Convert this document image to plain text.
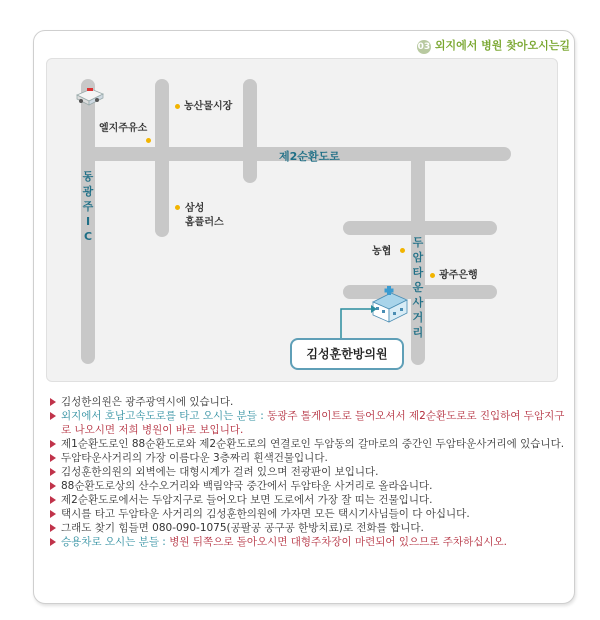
03 외지에서 병원 찾아오시는길
농산물시장
엘지주유소
삼성
홈플러스
농협
광주은행
제2순환도로
동광주IC	두암타운사거리
김성훈한방의원
김성한의원은 광주광역시에 있습니다.
외지에서 호남고속도로를 타고 오시는 분들 : 동광주 톨게이트로 들어오셔서 제2순환도로로 진입하여 두암지구로 나오시면 저희 병원이 바로 보입니다.
제1순환도로인 88순환도로와 제2순환도로의 연결로인 두암동의 갈마로의 중간인 두암타운사거리에 있습니다.
두암타운사거리의 가장 이름다운 3층짜리 흰색건물입니다.
김성훈한의원의 외벽에는 대형시계가 걸려 있으며 전광판이 보입니다.
88순환도로상의 산수오거리와 백림약국 중간에서 두암타운 사거리로 올라옵니다.
제2순환도로에서는 두암지구로 들어오다 보면 도로에서 가장 잘 띠는 건물입니다.
택시를 타고 두암타운 사거리의 김성훈한의원에 가자면 모든 택시기사님들이 다 아십니다.
그래도 찾기 힘들면 080-090-1075(공팔공 공구공 한방치료)로 전화를 합니다.
승용차로 오시는 분들 : 병원 뒤쪽으로 돌아오시면 대형주차장이 마련되어 있으므로 주차하십시오.
